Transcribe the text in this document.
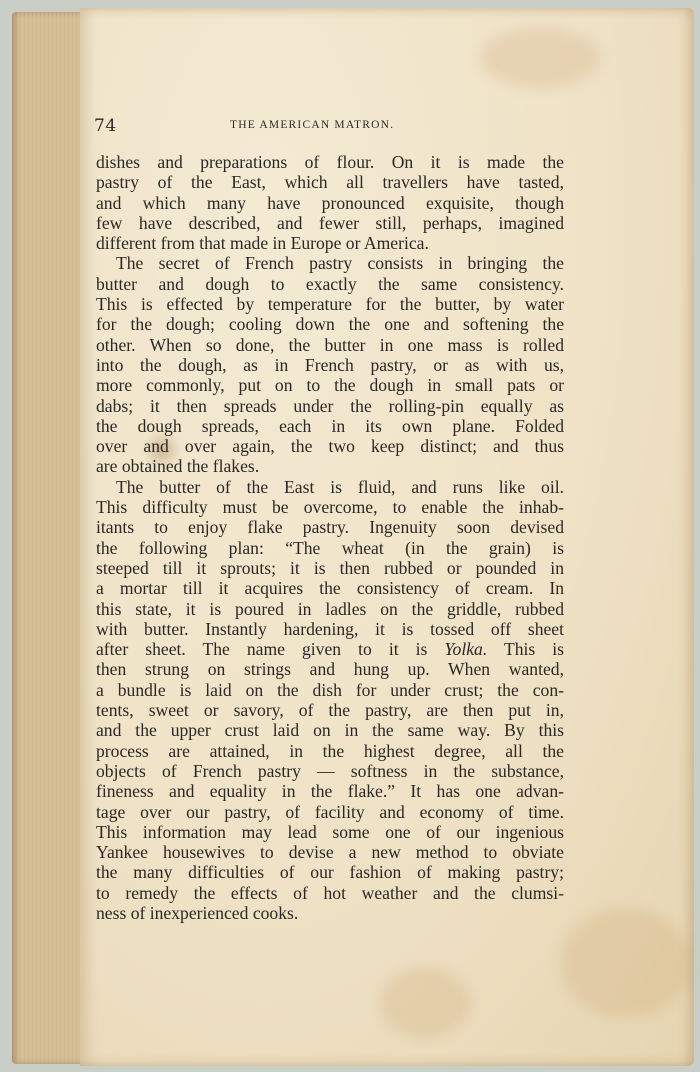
74	THE AMERICAN MATRON.

dishes and preparations of flour. On it is made the
pastry of the East, which all travellers have tasted,
and which many have pronounced exquisite, though
few have described, and fewer still, perhaps, imagined
different from that made in Europe or America.

The secret of French pastry consists in bringing the
butter and dough to exactly the same consistency.
This is effected by temperature for the butter, by water
for the dough; cooling down the one and softening the
other. When so done, the butter in one mass is rolled
into the dough, as in French pastry, or as with us,
more commonly, put on to the dough in small pats or
dabs; it then spreads under the rolling-pin equally as
the dough spreads, each in its own plane. Folded
over and over again, the two keep distinct; and thus
are obtained the flakes.

The butter of the East is fluid, and runs like oil.
This difficulty must be overcome, to enable the inhab-
itants to enjoy flake pastry. Ingenuity soon devised
the following plan: “The wheat (in the grain) is
steeped till it sprouts; it is then rubbed or pounded in
a mortar till it acquires the consistency of cream. In
this state, it is poured in ladles on the griddle, rubbed
with butter. Instantly hardening, it is tossed off sheet
after sheet. The name given to it is Yolka. This is
then strung on strings and hung up. When wanted,
a bundle is laid on the dish for under crust; the con-
tents, sweet or savory, of the pastry, are then put in,
and the upper crust laid on in the same way. By this
process are attained, in the highest degree, all the
objects of French pastry — softness in the substance,
fineness and equality in the flake.” It has one advan-
tage over our pastry, of facility and economy of time.
This information may lead some one of our ingenious
Yankee housewives to devise a new method to obviate
the many difficulties of our fashion of making pastry;
to remedy the effects of hot weather and the clumsi-
ness of inexperienced cooks.
